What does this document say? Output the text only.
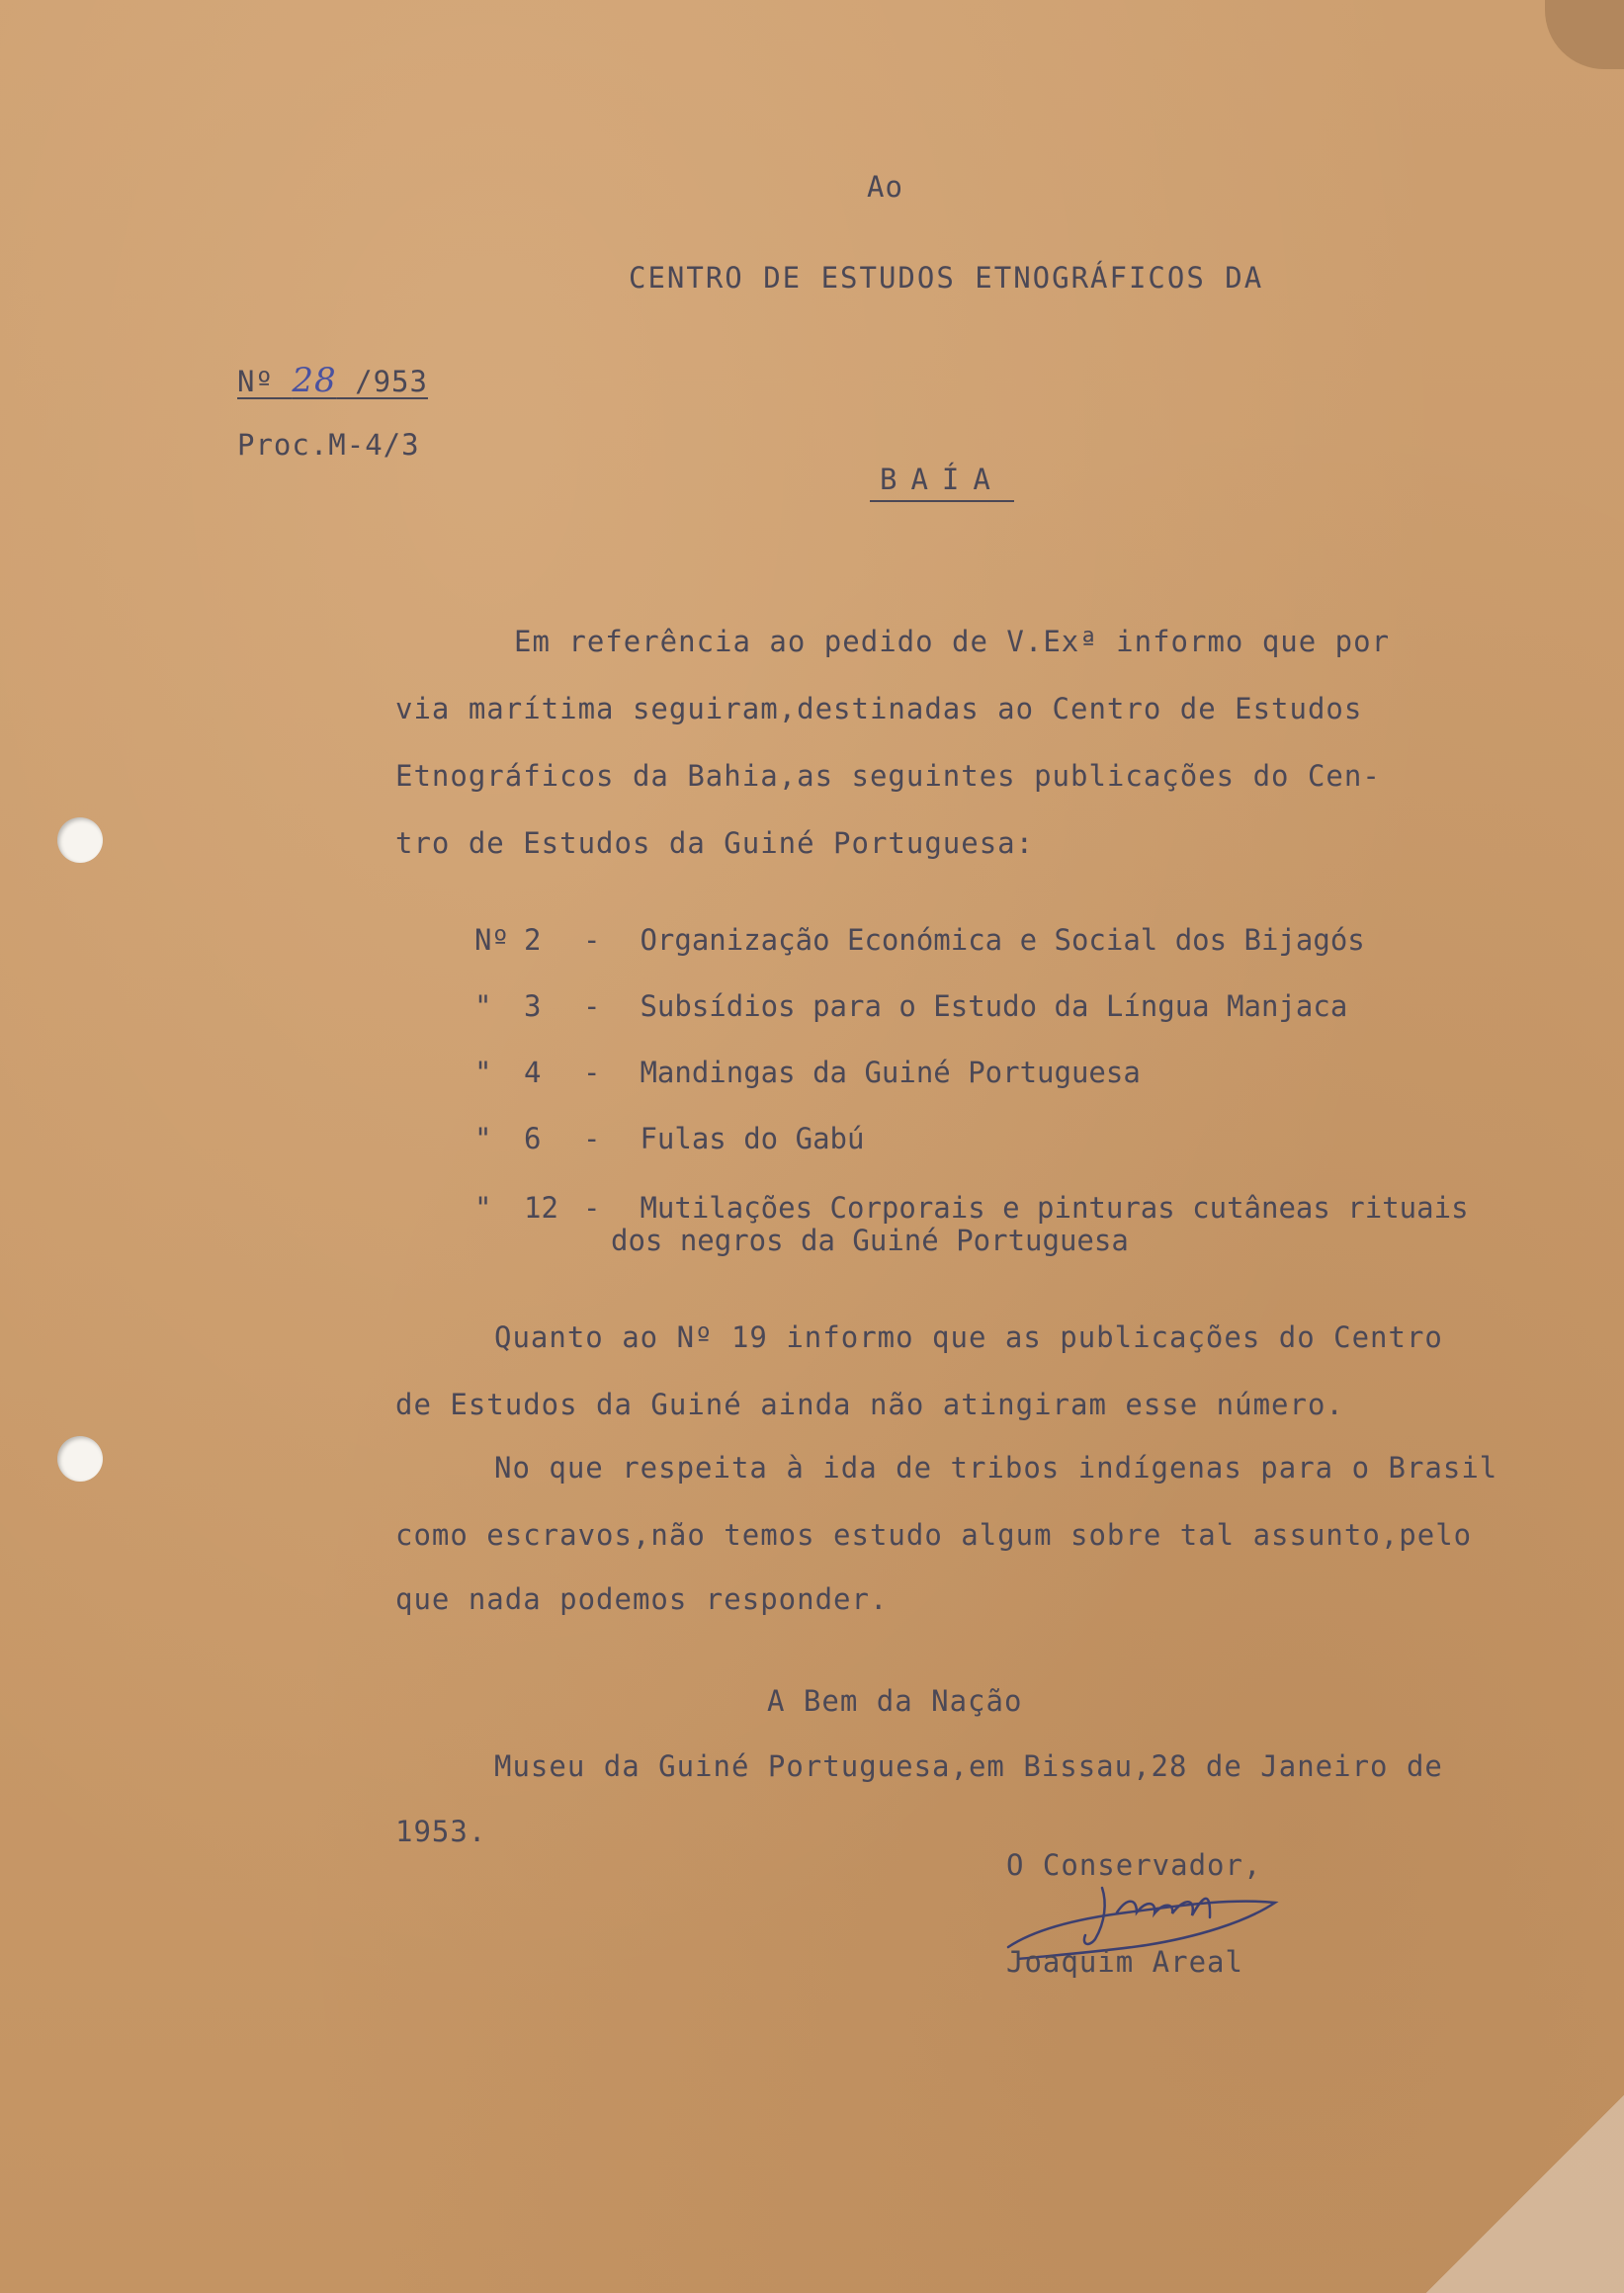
Ao
CENTRO DE ESTUDOS ETNOGRÁFICOS DA
Nº 28 /953
Proc.M-4/3
BAÍA
Em referência ao pedido de V.Exª informo que por
via marítima seguiram,destinadas ao Centro de Estudos
Etnográficos da Bahia,as seguintes publicações do Cen-
tro de Estudos da Guiné Portuguesa:
Nº 2 - Organização Económica e Social dos Bijagós
" 3 - Subsídios para o Estudo da Língua Manjaca
" 4 - Mandingas da Guiné Portuguesa
" 6 - Fulas do Gabú
" 12 - Mutilações Corporais e pinturas cutâneas rituais
dos negros da Guiné Portuguesa
Quanto ao Nº 19 informo que as publicações do Centro
de Estudos da Guiné ainda não atingiram esse número.
No que respeita à ida de tribos indígenas para o Brasil
como escravos,não temos estudo algum sobre tal assunto,pelo
que nada podemos responder.
A Bem da Nação
Museu da Guiné Portuguesa,em Bissau,28 de Janeiro de
1953.
O Conservador,
Joaquim Areal
